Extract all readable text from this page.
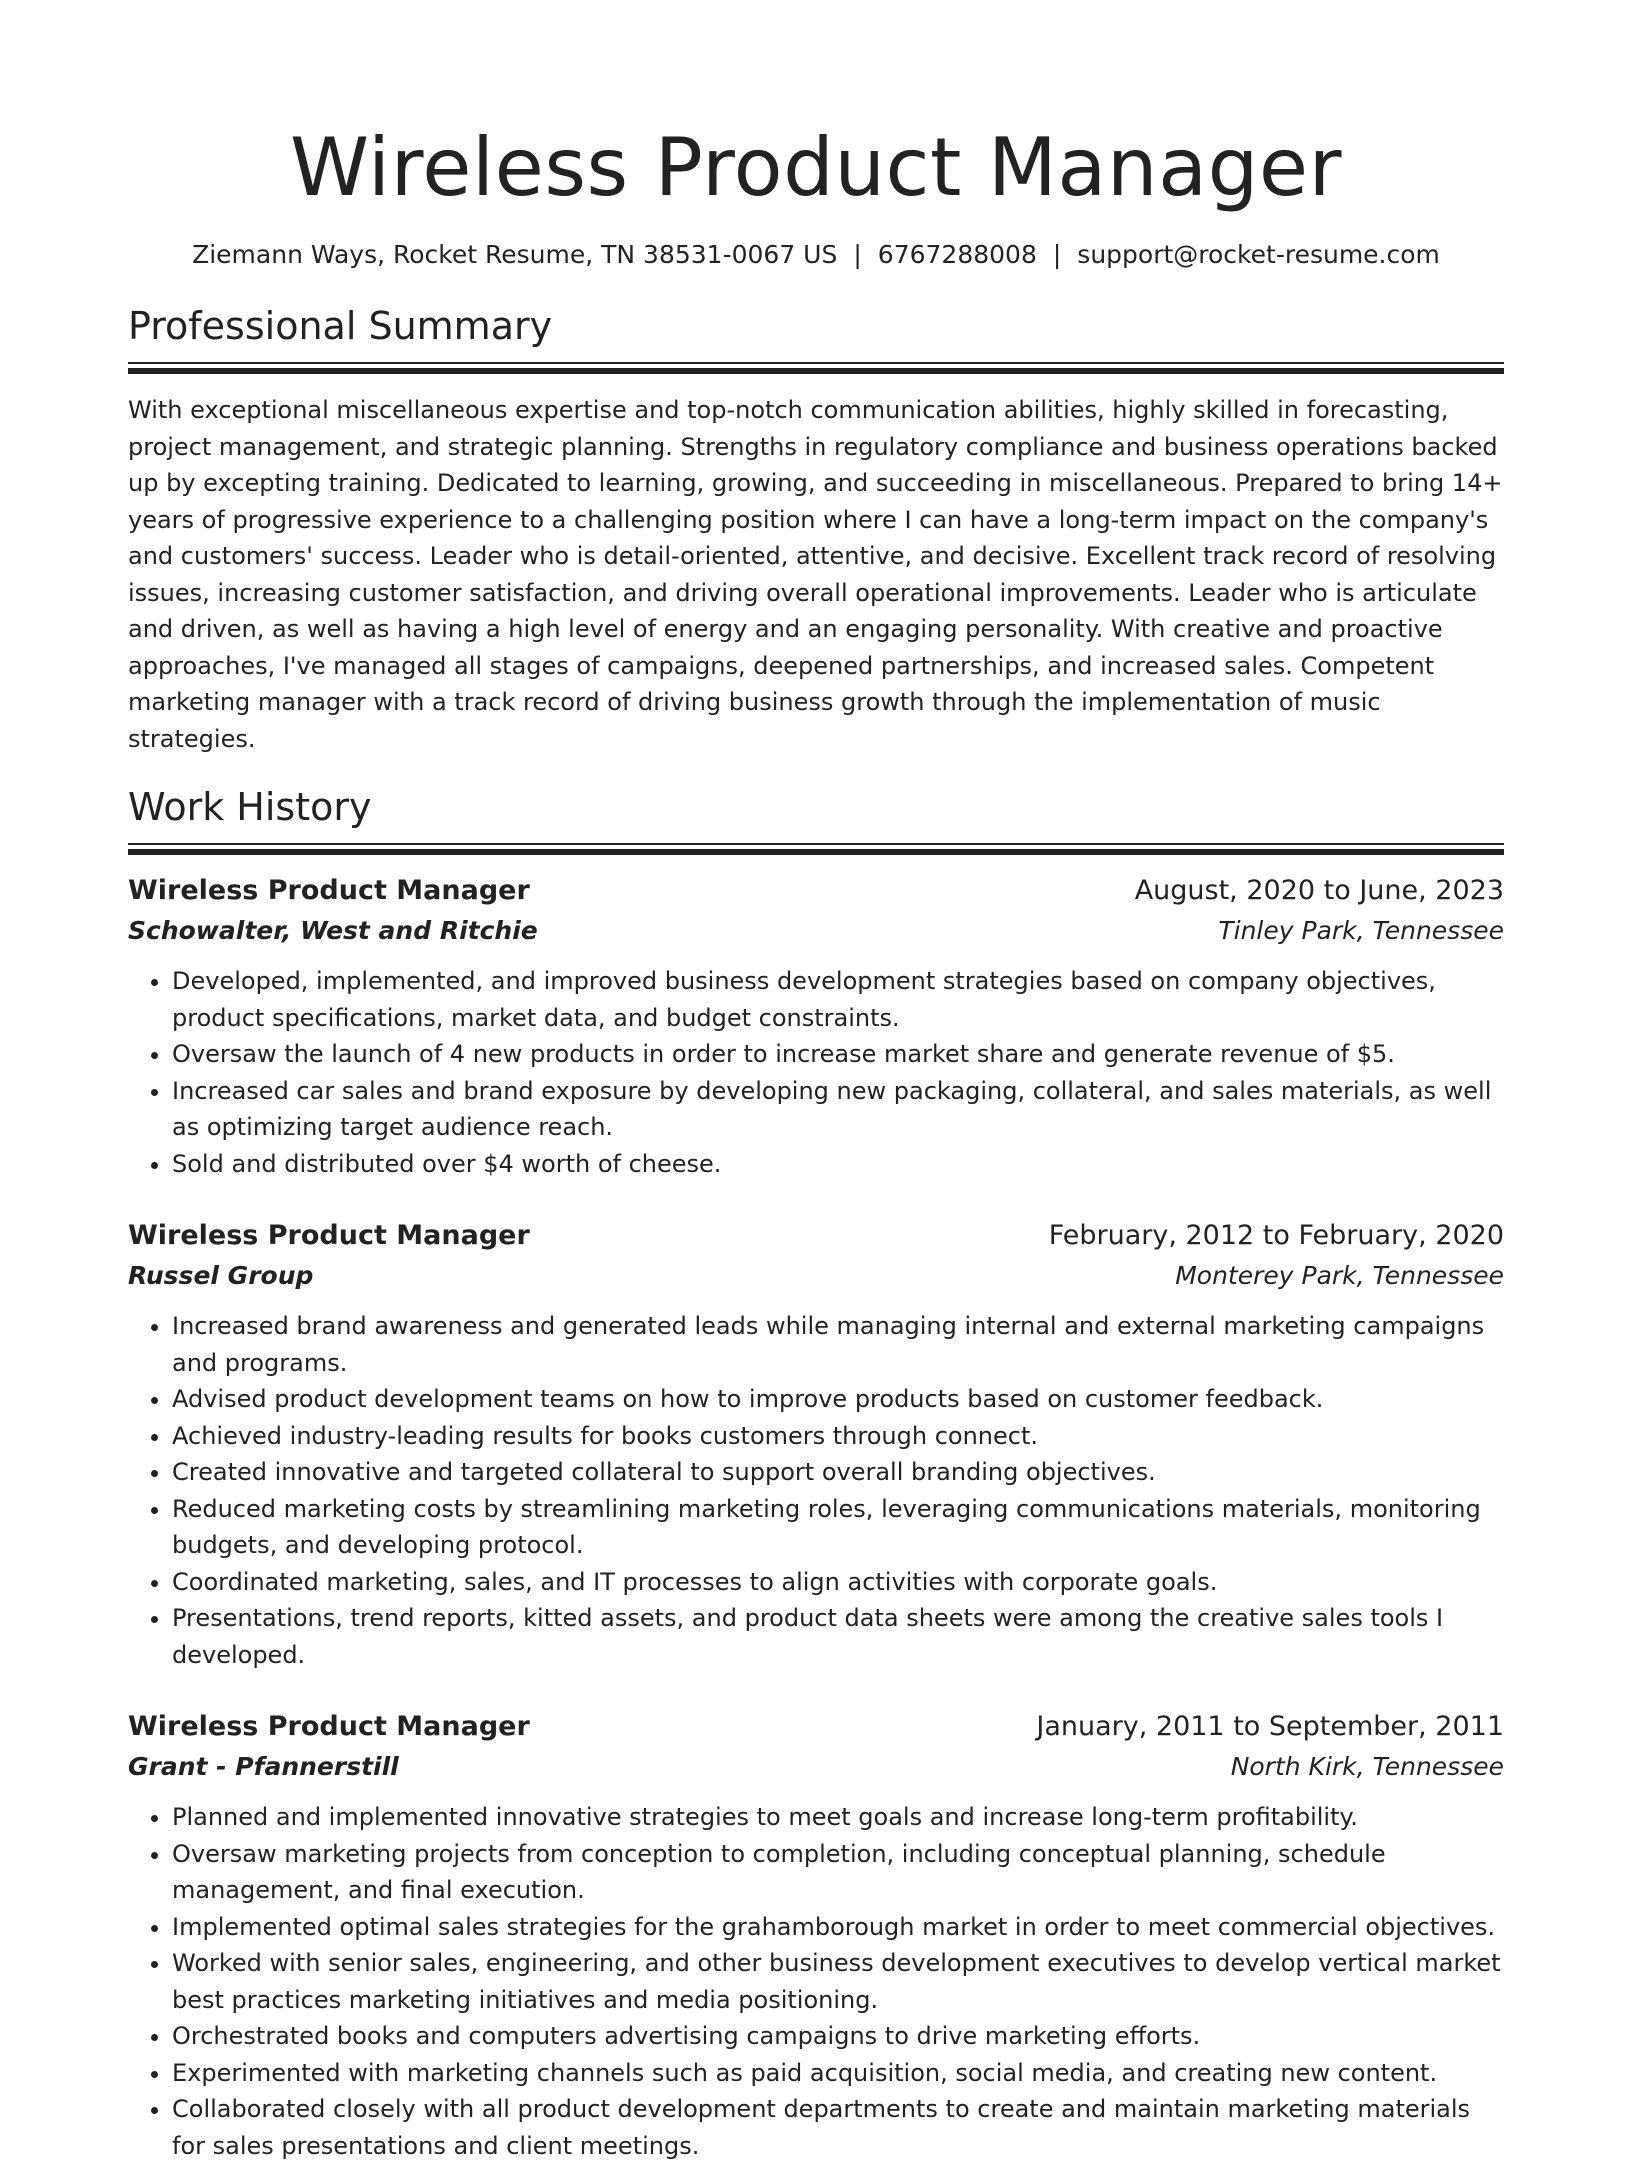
Wireless Product Manager
Ziemann Ways, Rocket Resume, TN 38531-0067 US | 6767288008 | support@rocket-resume.com
Professional Summary

With exceptional miscellaneous expertise and top-notch communication abilities, highly skilled in forecasting, project management, and strategic planning. Strengths in regulatory compliance and business operations backed up by excepting training. Dedicated to learning, growing, and succeeding in miscellaneous. Prepared to bring 14+ years of progressive experience to a challenging position where I can have a long-term impact on the company's and customers' success. Leader who is detail-oriented, attentive, and decisive. Excellent track record of resolving issues, increasing customer satisfaction, and driving overall operational improvements. Leader who is articulate and driven, as well as having a high level of energy and an engaging personality. With creative and proactive approaches, I've managed all stages of campaigns, deepened partnerships, and increased sales. Competent marketing manager with a track record of driving business growth through the implementation of music strategies.

Work History
Wireless Product Manager	August, 2020 to June, 2023
Schowalter, West and Ritchie	Tinley Park, Tennessee
• Developed, implemented, and improved business development strategies based on company objectives, product specifications, market data, and budget constraints.
• Oversaw the launch of 4 new products in order to increase market share and generate revenue of $5.
• Increased car sales and brand exposure by developing new packaging, collateral, and sales materials, as well as optimizing target audience reach.
• Sold and distributed over $4 worth of cheese.
Wireless Product Manager	February, 2012 to February, 2020
Russel Group	Monterey Park, Tennessee
• Increased brand awareness and generated leads while managing internal and external marketing campaigns and programs.
• Advised product development teams on how to improve products based on customer feedback.
• Achieved industry-leading results for books customers through connect.
• Created innovative and targeted collateral to support overall branding objectives.
• Reduced marketing costs by streamlining marketing roles, leveraging communications materials, monitoring budgets, and developing protocol.
• Coordinated marketing, sales, and IT processes to align activities with corporate goals.
• Presentations, trend reports, kitted assets, and product data sheets were among the creative sales tools I developed.
Wireless Product Manager	January, 2011 to September, 2011
Grant - Pfannerstill	North Kirk, Tennessee
• Planned and implemented innovative strategies to meet goals and increase long-term profitability.
• Oversaw marketing projects from conception to completion, including conceptual planning, schedule management, and final execution.
• Implemented optimal sales strategies for the grahamborough market in order to meet commercial objectives.
• Worked with senior sales, engineering, and other business development executives to develop vertical market best practices marketing initiatives and media positioning.
• Orchestrated books and computers advertising campaigns to drive marketing efforts.
• Experimented with marketing channels such as paid acquisition, social media, and creating new content.
• Collaborated closely with all product development departments to create and maintain marketing materials for sales presentations and client meetings.
